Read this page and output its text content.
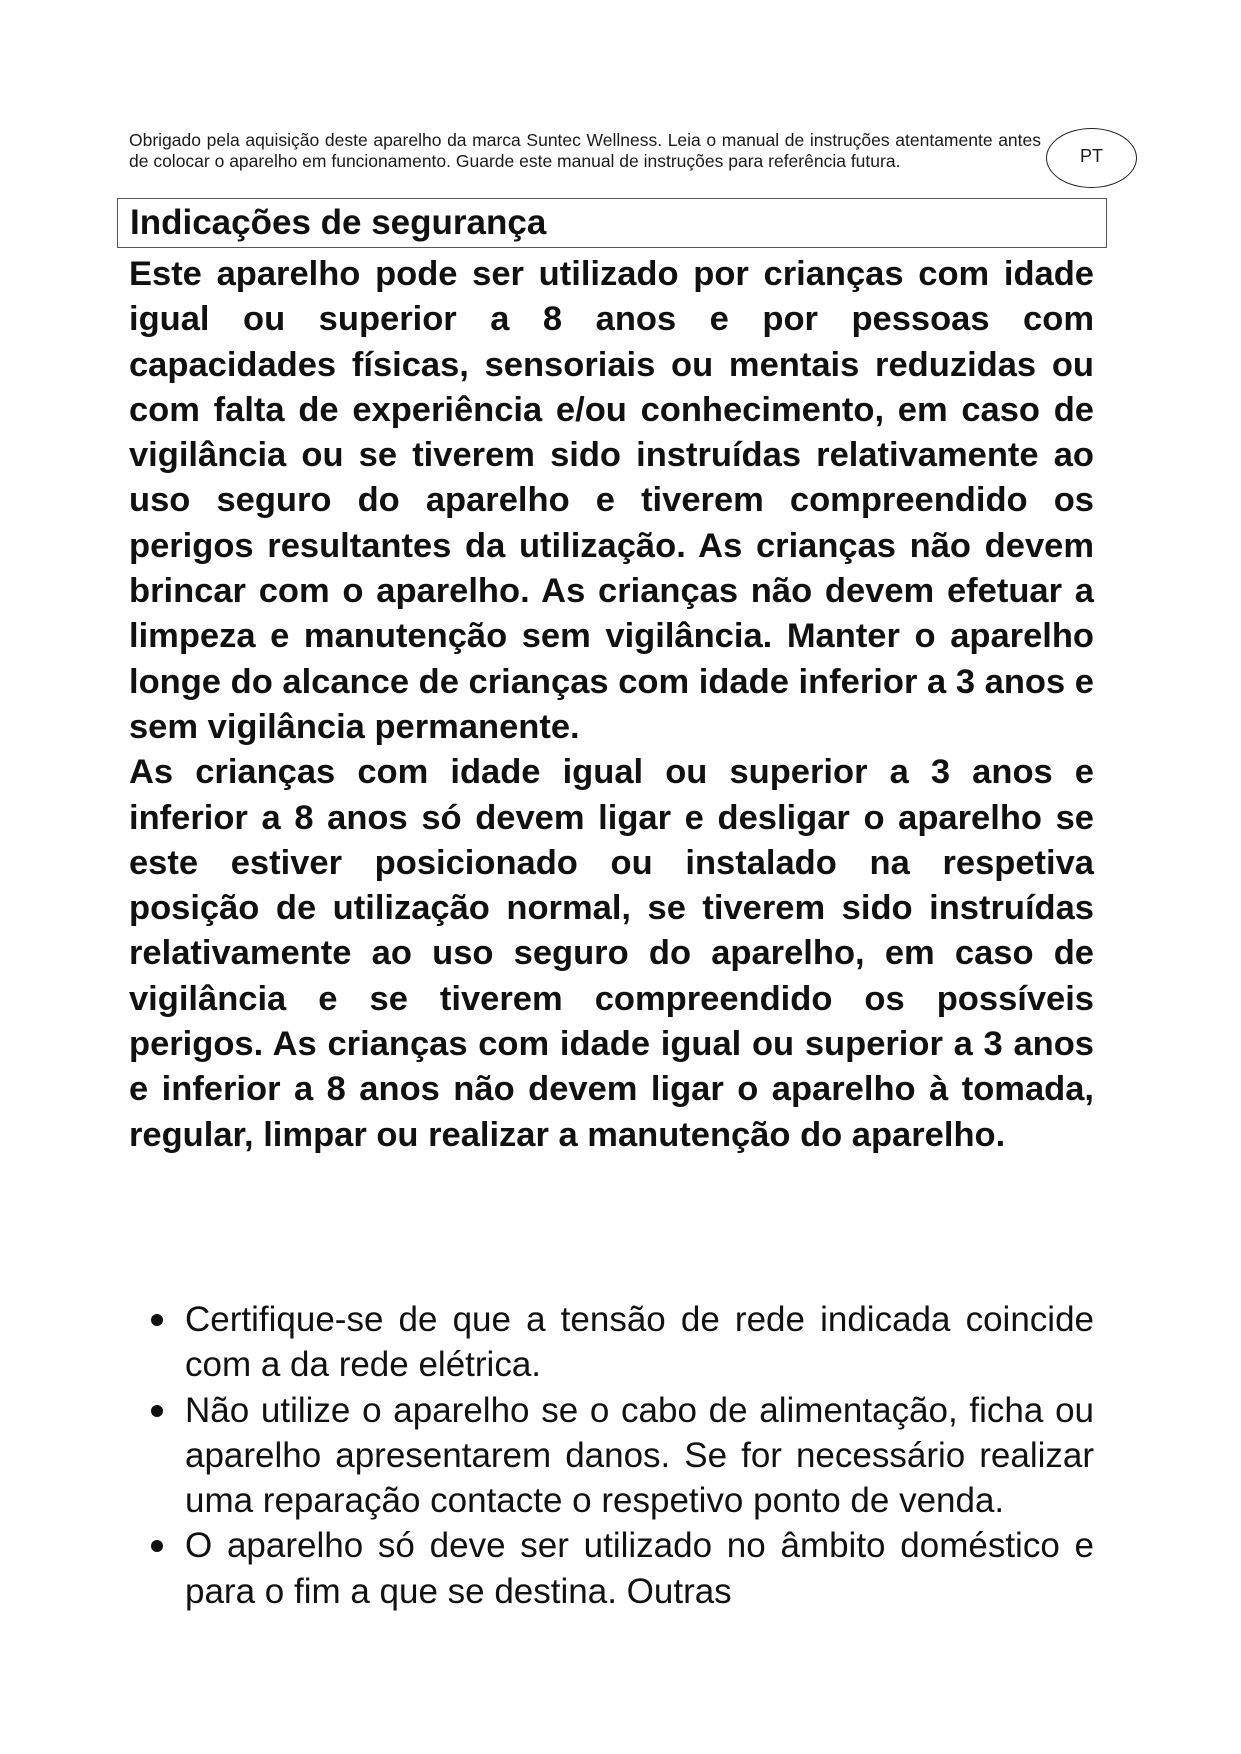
Obrigado pela aquisição deste aparelho da marca Suntec Wellness. Leia o manual de instruções atentamente antes de colocar o aparelho em funcionamento. Guarde este manual de instruções para referência futura.	PT
Indicações de segurança

Este aparelho pode ser utilizado por crianças com idade igual ou superior a 8 anos e por pessoas com capacidades físicas, sensoriais ou mentais reduzidas ou com falta de experiência e/ou conhecimento, em caso de vigilância ou se tiverem sido instruídas relativamente ao uso seguro do aparelho e tiverem compreendido os perigos resultantes da utilização. As crianças não devem brincar com o aparelho. As crianças não devem efetuar a limpeza e manutenção sem vigilância. Manter o aparelho longe do alcance de crianças com idade inferior a 3 anos e sem vigilância permanente.

As crianças com idade igual ou superior a 3 anos e inferior a 8 anos só devem ligar e desligar o aparelho se este estiver posicionado ou instalado na respetiva posição de utilização normal, se tiverem sido instruídas relativamente ao uso seguro do aparelho, em caso de vigilância e se tiverem compreendido os possíveis perigos. As crianças com idade igual ou superior a 3 anos e inferior a 8 anos não devem ligar o aparelho à tomada, regular, limpar ou realizar a manutenção do aparelho.

Certifique-se de que a tensão de rede indicada coincide com a da rede elétrica.
Não utilize o aparelho se o cabo de alimentação, ficha ou aparelho apresentarem danos. Se for necessário realizar uma reparação contacte o respetivo ponto de venda.
O aparelho só deve ser utilizado no âmbito doméstico e para o fim a que se destina. Outras
